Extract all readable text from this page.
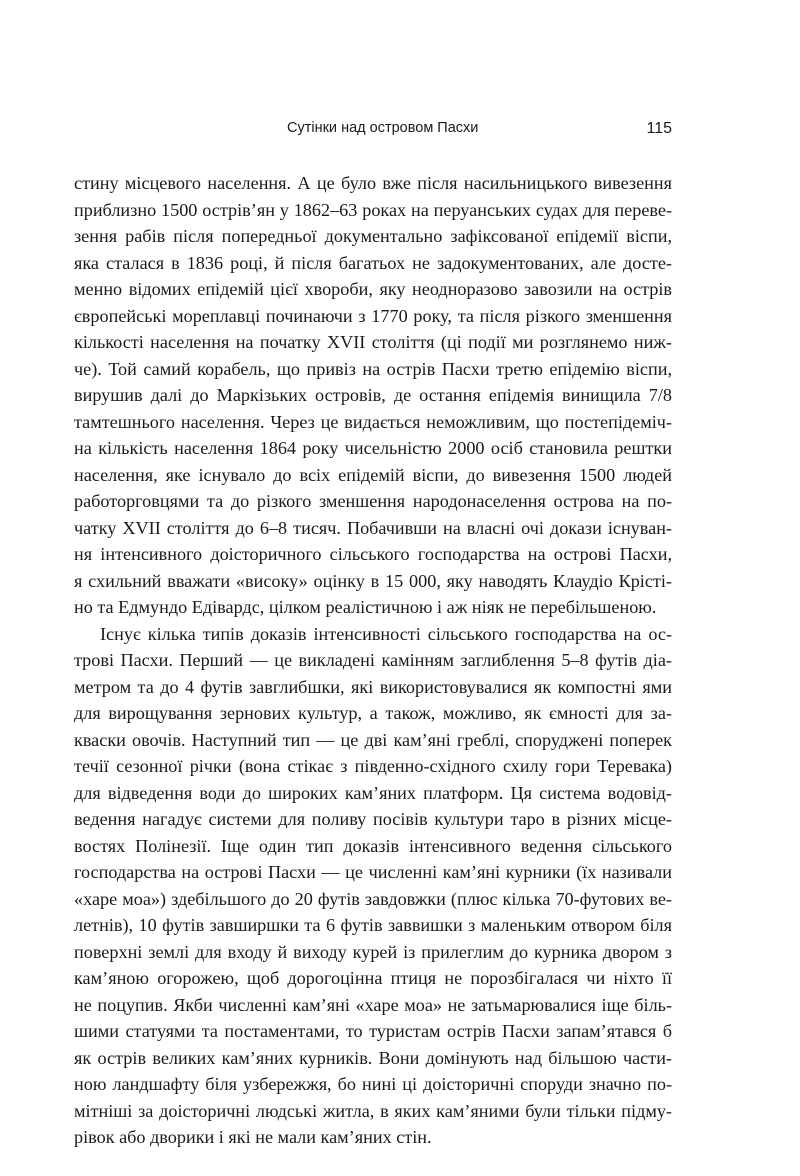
Сутінки над островом Пасхи	115
стину місцевого населення. А це було вже після насильницького вивезення
приблизно 1500 острів’ян у 1862–63 роках на перуанських судах для переве-
зення рабів після попередньої документально зафіксованої епідемії віспи,
яка сталася в 1836 році, й після багатьох не задокументованих, але достe-
менно відомих епідемій цієї хвороби, яку неодноразово завозили на острів
європейські мореплавці починаючи з 1770 року, та після різкого зменшення
кількості населення на початку XVII століття (ці події ми розглянемо ниж-
че). Той самий корабель, що привіз на острів Пасхи третю епідемію віспи,
вирушив далі до Маркізьких островів, де остання епідемія винищила 7/8
тамтешнього населення. Через це видається неможливим, що постепідеміч-
на кількість населення 1864 року чисельністю 2000 осіб становила рештки
населення, яке існувало до всіх епідемій віспи, до вивезення 1500 людей
работорговцями та до різкого зменшення народонаселення острова на по-
чатку XVII століття до 6–8 тисяч. Побачивши на власні очі докази існуван-
ня інтенсивного доісторичного сільського господарства на острові Пасхи,
я схильний вважати «високу» оцінку в 15 000, яку наводять Клаудіо Крісті-
но та Едмундо Едівардс, цілком реалістичною і аж ніяк не перебільшеною.
Існує кілька типів доказів інтенсивності сільського господарства на ос-
трові Пасхи. Перший — це викладені камінням заглиблення 5–8 футів діа-
метром та до 4 футів завглибшки, які використовувалися як компостні ями
для вирощування зернових культур, а також, можливо, як ємності для за-
кваски овочів. Наступний тип — це дві кам’яні греблі, споруджені поперек
течії сезонної річки (вона стікає з південно-східного схилу гори Теревака)
для відведення води до широких кам’яних платформ. Ця система водовід-
ведення нагадує системи для поливу посівів культури таро в різних місце-
востях Полінезії. Іще один тип доказів інтенсивного ведення сільського
господарства на острові Пасхи — це численні кам’яні курники (їх називали
«харе моа») здебільшого до 20 футів завдовжки (плюс кілька 70-футових ве-
летнів), 10 футів завширшки та 6 футів заввишки з маленьким отвором біля
поверхні землі для входу й виходу курей із прилеглим до курника двором з
кам’яною огорожею, щоб дорогоцінна птиця не порозбігалася чи ніхто її
не поцупив. Якби численні кам’яні «харе моа» не затьмарювалися іще біль-
шими статуями та постаментами, то туристам острів Пасхи запам’ятався б
як острів великих кам’яних курників. Вони домінують над більшою части-
ною ландшафту біля узбережжя, бо нині ці доісторичні споруди значно по-
мітніші за доісторичні людські житла, в яких кам’яними були тільки підму-
рівок або дворики і які не мали кам’яних стін.
